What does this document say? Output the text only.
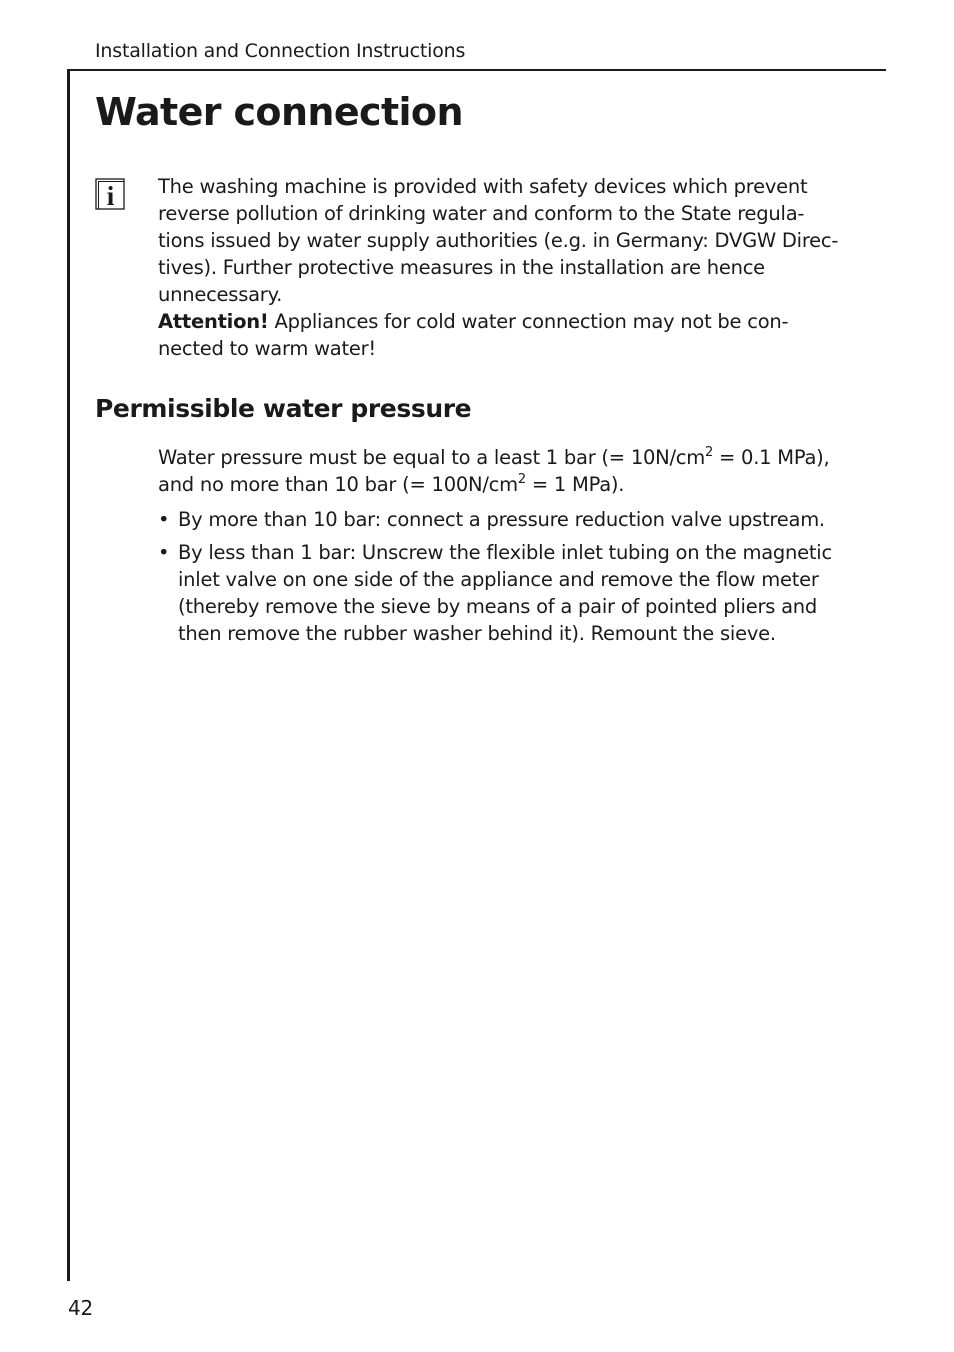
Installation and Connection Instructions
Water connection
i The washing machine is provided with safety devices which prevent
reverse pollution of drinking water and conform to the State regula-
tions issued by water supply authorities (e.g. in Germany: DVGW Direc-
tives). Further protective measures in the installation are hence
unnecessary.
Attention! Appliances for cold water connection may not be con-
nected to warm water!
Permissible water pressure
Water pressure must be equal to a least 1 bar (= $10N/cm^2 = 0.1$ MPa),
and no more than 10 bar (= $100N/cm^2 = 1$ MPa).
• By more than 10 bar: connect a pressure reduction valve upstream.
• By less than 1 bar: Unscrew the flexible inlet tubing on the magnetic
inlet valve on one side of the appliance and remove the flow meter
(thereby remove the sieve by means of a pair of pointed pliers and
then remove the rubber washer behind it). Remount the sieve.
42
